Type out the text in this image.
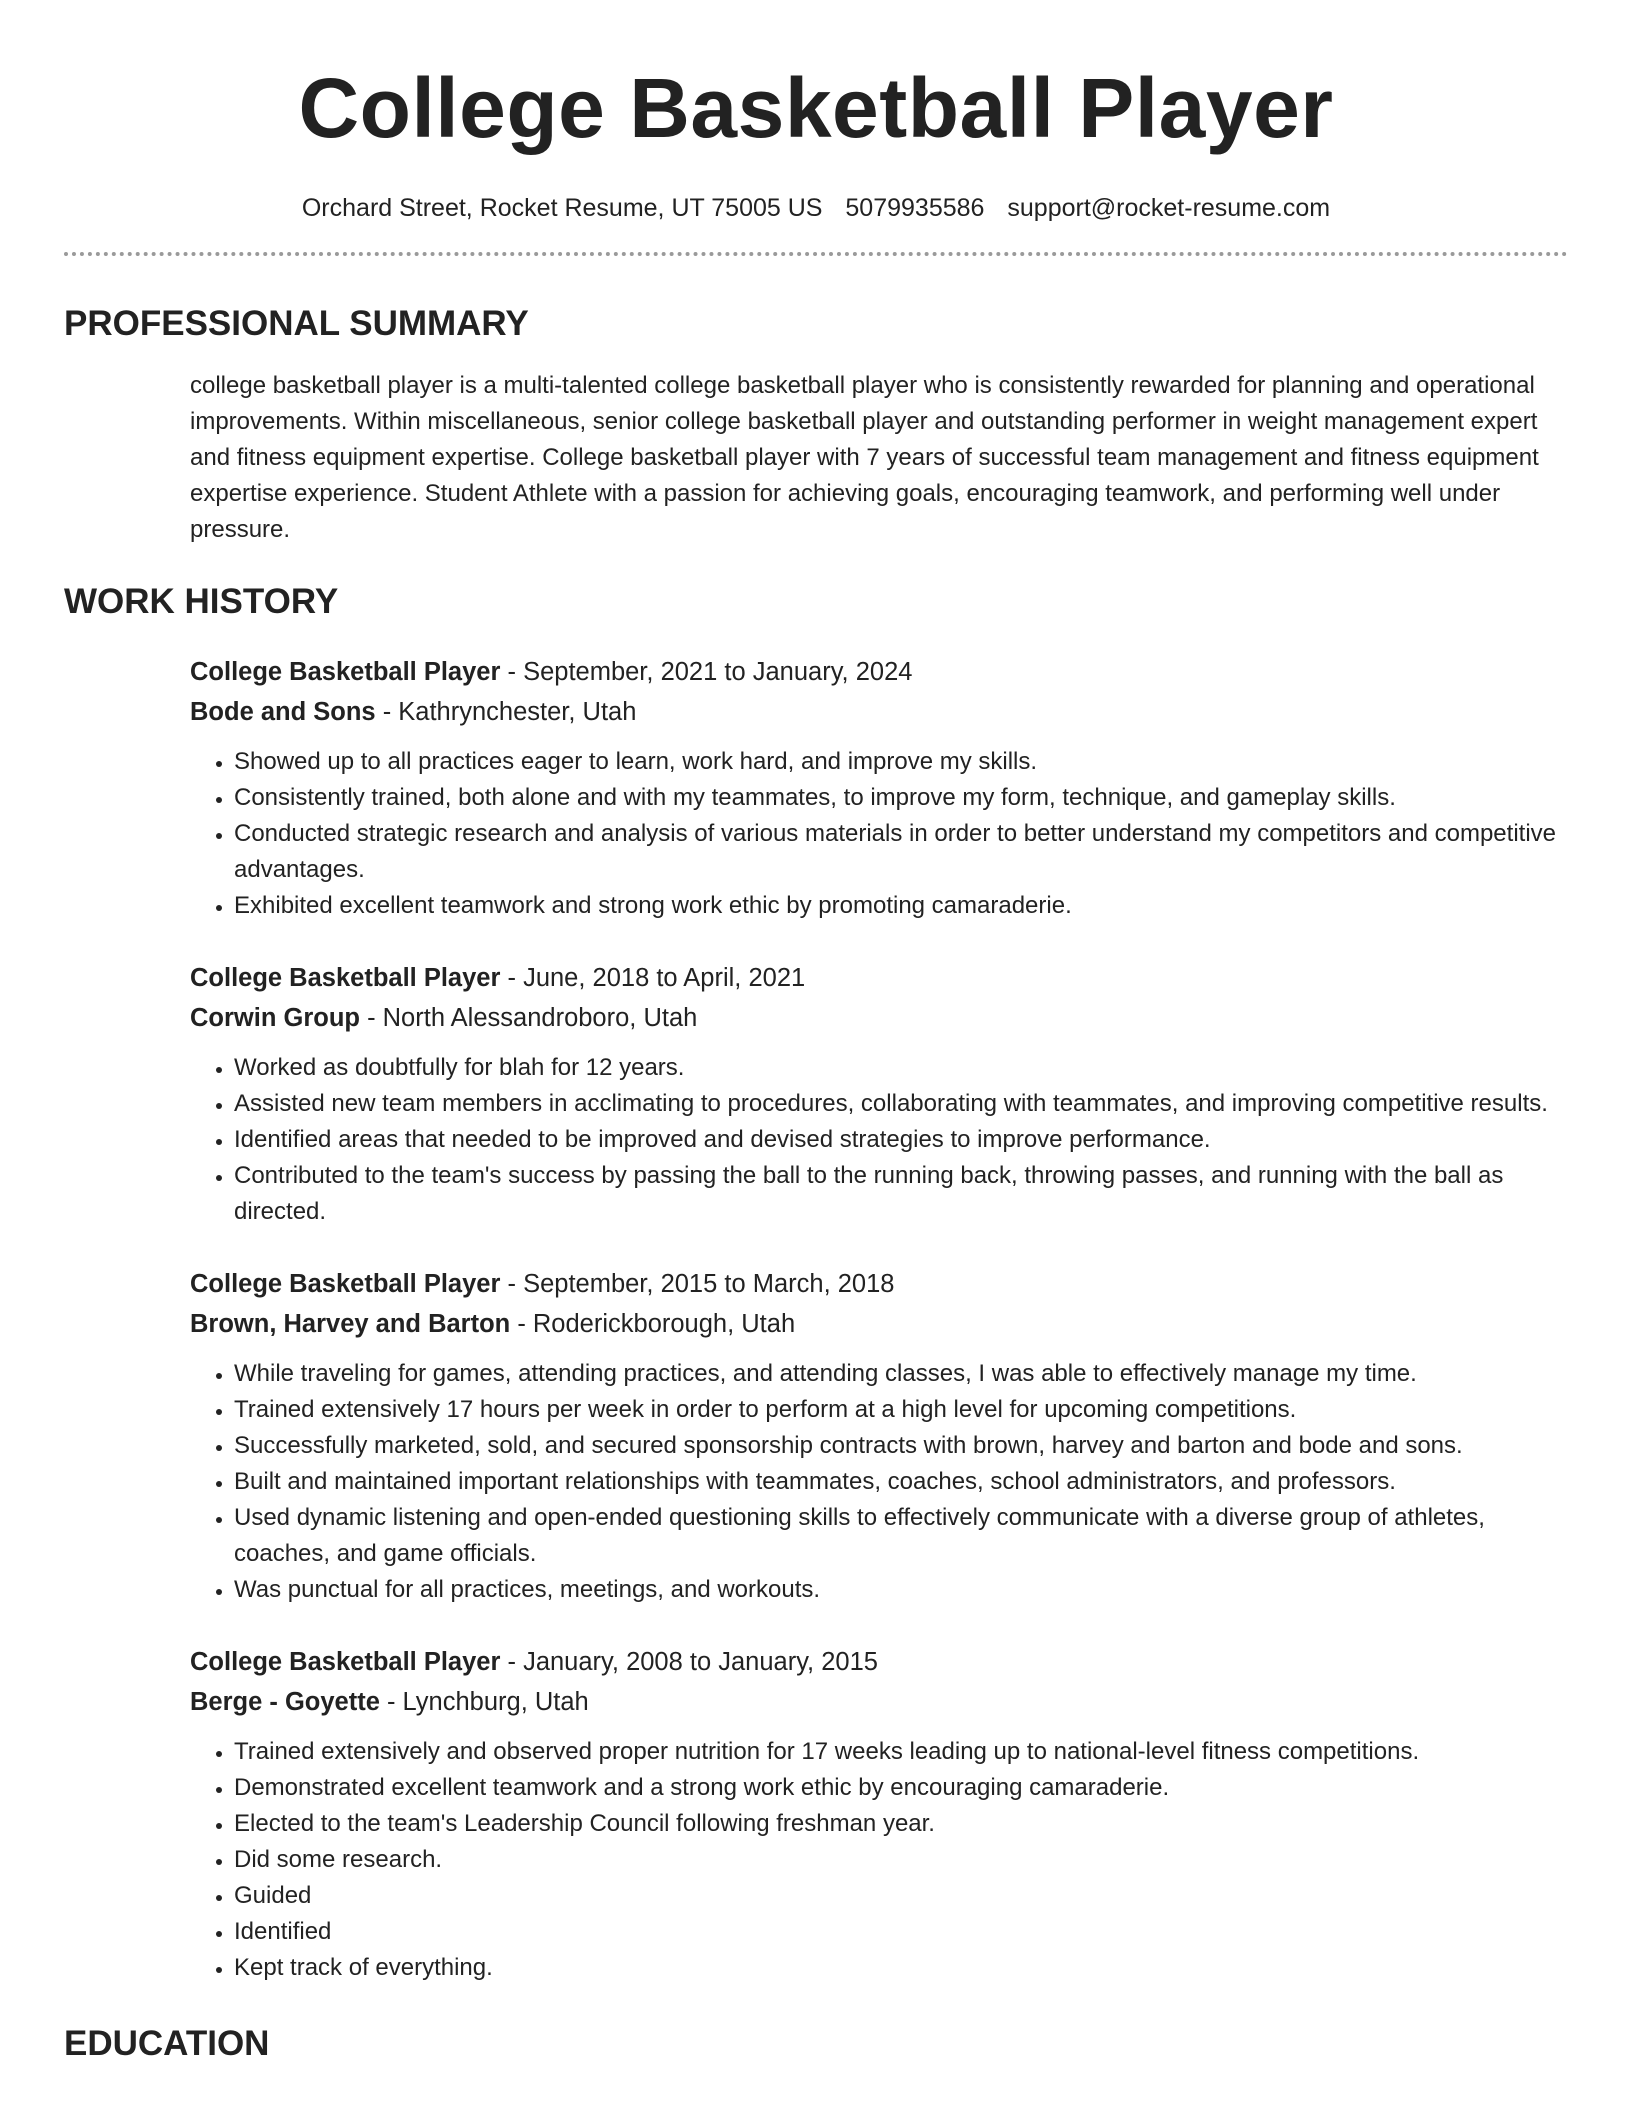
College Basketball Player
Orchard Street, Rocket Resume, UT 75005 US 5079935586 support@rocket-resume.com
PROFESSIONAL SUMMARY
college basketball player is a multi-talented college basketball player who is consistently rewarded for planning and operational improvements. Within miscellaneous, senior college basketball player and outstanding performer in weight management expert and fitness equipment expertise. College basketball player with 7 years of successful team management and fitness equipment expertise experience. Student Athlete with a passion for achieving goals, encouraging teamwork, and performing well under pressure.
WORK HISTORY
College Basketball Player - September, 2021 to January, 2024
Bode and Sons - Kathrynchester, Utah
• Showed up to all practices eager to learn, work hard, and improve my skills.
• Consistently trained, both alone and with my teammates, to improve my form, technique, and gameplay skills.
• Conducted strategic research and analysis of various materials in order to better understand my competitors and competitive advantages.
• Exhibited excellent teamwork and strong work ethic by promoting camaraderie.
College Basketball Player - June, 2018 to April, 2021
Corwin Group - North Alessandroboro, Utah
• Worked as doubtfully for blah for 12 years.
• Assisted new team members in acclimating to procedures, collaborating with teammates, and improving competitive results.
• Identified areas that needed to be improved and devised strategies to improve performance.
• Contributed to the team's success by passing the ball to the running back, throwing passes, and running with the ball as directed.
College Basketball Player - September, 2015 to March, 2018
Brown, Harvey and Barton - Roderickborough, Utah
• While traveling for games, attending practices, and attending classes, I was able to effectively manage my time.
• Trained extensively 17 hours per week in order to perform at a high level for upcoming competitions.
• Successfully marketed, sold, and secured sponsorship contracts with brown, harvey and barton and bode and sons.
• Built and maintained important relationships with teammates, coaches, school administrators, and professors.
• Used dynamic listening and open-ended questioning skills to effectively communicate with a diverse group of athletes, coaches, and game officials.
• Was punctual for all practices, meetings, and workouts.
College Basketball Player - January, 2008 to January, 2015
Berge - Goyette - Lynchburg, Utah
• Trained extensively and observed proper nutrition for 17 weeks leading up to national-level fitness competitions.
• Demonstrated excellent teamwork and a strong work ethic by encouraging camaraderie.
• Elected to the team's Leadership Council following freshman year.
• Did some research.
• Guided
• Identified
• Kept track of everything.
EDUCATION
